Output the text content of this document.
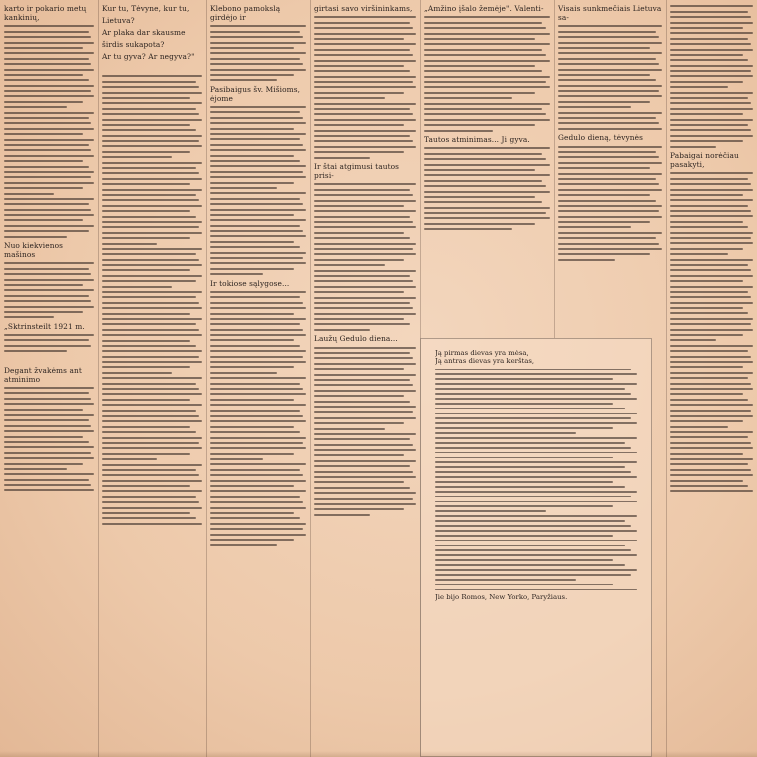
karto ir pokario metų kankinių,
Nuo kiekvienos mašinos
„Sktrinsteilt 1921 m.
Degant žvakėms ant atminimo
Kur tu, Tėvyne, kur tu,
Lietuva?
Ar plaka dar skausme
širdis sukapota?
Ar tu gyva? Ar negyva?"
Klebono pamokslą girdėjo ir
Pasibaigus šv. Mišioms, ėjome
Ir tokiose sąlygose...
girtasi savo viršininkams,
Ir štai atgimusi tautos prisi-
Laužų Gedulo diena...
„Amžino įšalo žemėje". Valenti-
Tautos atminimas... Ji gyva.
Visais sunkmečiais Lietuva sa-
Gedulo dieną, tėvynės
Pabaigai norėčiau pasakyti,
Ją pirmas dievas yra mėsa,
Ją antras dievas yra kerštas,
Jie bijo Romos, New Yorko, Paryžiaus.
